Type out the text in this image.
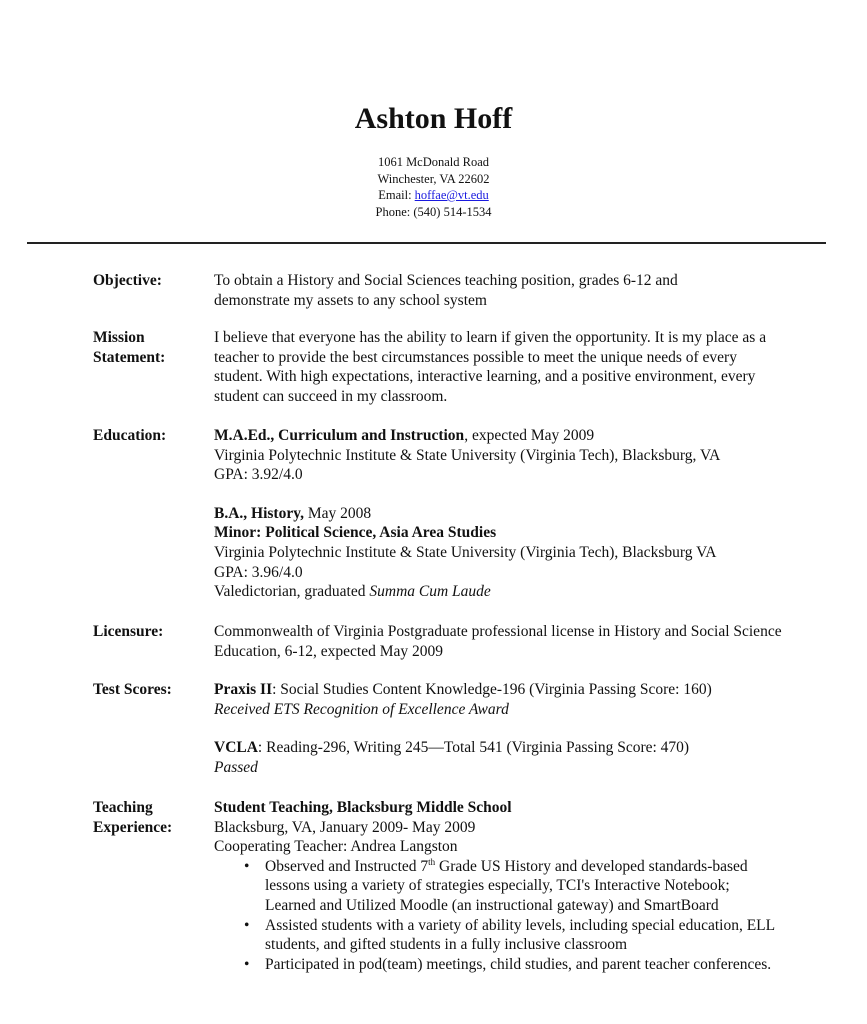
Ashton Hoff
1061 McDonald Road
Winchester, VA 22602
Email: hoffae@vt.edu
Phone: (540) 514-1534
Objective:	To obtain a History and Social Sciences teaching position, grades 6-12 and demonstrate my assets to any school system
Mission
Statement:
I believe that everyone has the ability to learn if given the opportunity. It is my place as a teacher to provide the best circumstances possible to meet the unique needs of every student. With high expectations, interactive learning, and a positive environment, every student can succeed in my classroom.
Education:	M.A.Ed., Curriculum and Instruction, expected May 2009
Virginia Polytechnic Institute & State University (Virginia Tech), Blacksburg, VA
GPA: 3.92/4.0
B.A., History, May 2008
Minor: Political Science, Asia Area Studies
Virginia Polytechnic Institute & State University (Virginia Tech), Blacksburg VA
GPA: 3.96/4.0
Valedictorian, graduated Summa Cum Laude
Licensure:	Commonwealth of Virginia Postgraduate professional license in History and Social Science Education, 6-12, expected May 2009
Test Scores:	Praxis II: Social Studies Content Knowledge-196 (Virginia Passing Score: 160)
Received ETS Recognition of Excellence Award
VCLA: Reading-296, Writing 245—Total 541 (Virginia Passing Score: 470)
Passed
Teaching
Experience:
Student Teaching, Blacksburg Middle School
Blacksburg, VA, January 2009- May 2009
Cooperating Teacher: Andrea Langston
• Observed and Instructed 7th Grade US History and developed standards-based lessons using a variety of strategies especially, TCI's Interactive Notebook; Learned and Utilized Moodle (an instructional gateway) and SmartBoard
• Assisted students with a variety of ability levels, including special education, ELL students, and gifted students in a fully inclusive classroom
• Participated in pod(team) meetings, child studies, and parent teacher conferences.
